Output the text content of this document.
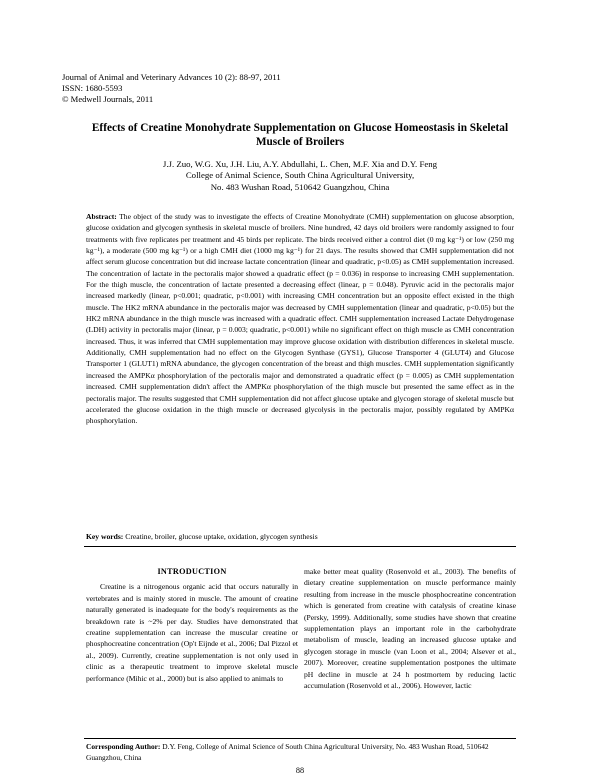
Journal of Animal and Veterinary Advances 10 (2): 88-97, 2011
ISSN: 1680-5593
© Medwell Journals, 2011
Effects of Creatine Monohydrate Supplementation on Glucose Homeostasis in Skeletal Muscle of Broilers
J.J. Zuo, W.G. Xu, J.H. Liu, A.Y. Abdullahi, L. Chen, M.F. Xia and D.Y. Feng
College of Animal Science, South China Agricultural University,
No. 483 Wushan Road, 510642 Guangzhou, China

Abstract: The object of the study was to investigate the effects of Creatine Monohydrate (CMH) supplementation on glucose absorption, glucose oxidation and glycogen synthesis in skeletal muscle of broilers. Nine hundred, 42 days old broilers were randomly assigned to four treatments with five replicates per treatment and 45 birds per replicate. The birds received either a control diet (0 mg kg⁻¹) or low (250 mg kg⁻¹), a moderate (500 mg kg⁻¹) or a high CMH diet (1000 mg kg⁻¹) for 21 days. The results showed that CMH supplementation did not affect serum glucose concentration but did increase lactate concentration (linear and quadratic, p<0.05) as CMH supplementation increased. The concentration of lactate in the pectoralis major showed a quadratic effect (p = 0.036) in response to increasing CMH supplementation. For the thigh muscle, the concentration of lactate presented a decreasing effect (linear, p = 0.048). Pyruvic acid in the pectoralis major increased markedly (linear, p<0.001; quadratic, p<0.001) with increasing CMH concentration but an opposite effect existed in the thigh muscle. The HK2 mRNA abundance in the pectoralis major was decreased by CMH supplementation (linear and quadratic, p<0.05) but the HK2 mRNA abundance in the thigh muscle was increased with a quadratic effect. CMH supplementation increased Lactate Dehydrogenase (LDH) activity in pectoralis major (linear, p = 0.003; quadratic, p<0.001) while no significant effect on thigh muscle as CMH concentration increased. Thus, it was inferred that CMH supplementation may improve glucose oxidation with distribution differences in skeletal muscle. Additionally, CMH supplementation had no effect on the Glycogen Synthase (GYS1), Glucose Transporter 4 (GLUT4) and Glucose Transporter 1 (GLUT1) mRNA abundance, the glycogen concentration of the breast and thigh muscles. CMH supplementation significantly increased the AMPKα phosphorylation of the pectoralis major and demonstrated a quadratic effect (p = 0.005) as CMH supplementation increased. CMH supplementation didn't affect the AMPKα phosphorylation of the thigh muscle but presented the same effect as in the pectoralis major. The results suggested that CMH supplementation did not affect glucose uptake and glycogen storage of skeletal muscle but accelerated the glucose oxidation in the thigh muscle or decreased glycolysis in the pectoralis major, possibly regulated by AMPKα phosphorylation.

Key words: Creatine, broiler, glucose uptake, oxidation, glycogen synthesis

INTRODUCTION
Creatine is a nitrogenous organic acid that occurs naturally in vertebrates and is mainly stored in muscle. The amount of creatine naturally generated is inadequate for the body's requirements as the breakdown rate is ~2% per day. Studies have demonstrated that creatine supplementation can increase the muscular creatine or phosphocreatine concentration (Op't Eijnde et al., 2006; Dal Pizzol et al., 2009). Currently, creatine supplementation is not only used in clinic as a therapeutic treatment to improve skeletal muscle performance (Mihic et al., 2000) but is also applied to animals to
make better meat quality (Rosenvold et al., 2003). The benefits of dietary creatine supplementation on muscle performance mainly resulting from increase in the muscle phosphocreatine concentration which is generated from creatine with catalysis of creatine kinase (Persky, 1999). Additionally, some studies have shown that creatine supplementation plays an important role in the carbohydrate metabolism of muscle, leading an increased glucose uptake and glycogen storage in muscle (van Loon et al., 2004; Alsever et al., 2007). Moreover, creatine supplementation postpones the ultimate pH decline in muscle at 24 h postmortem by reducing lactic accumulation (Rosenvold et al., 2006). However, lactic

Corresponding Author: D.Y. Feng, College of Animal Science of South China Agricultural University, No. 483 Wushan Road, 510642 Guangzhou, China

88
